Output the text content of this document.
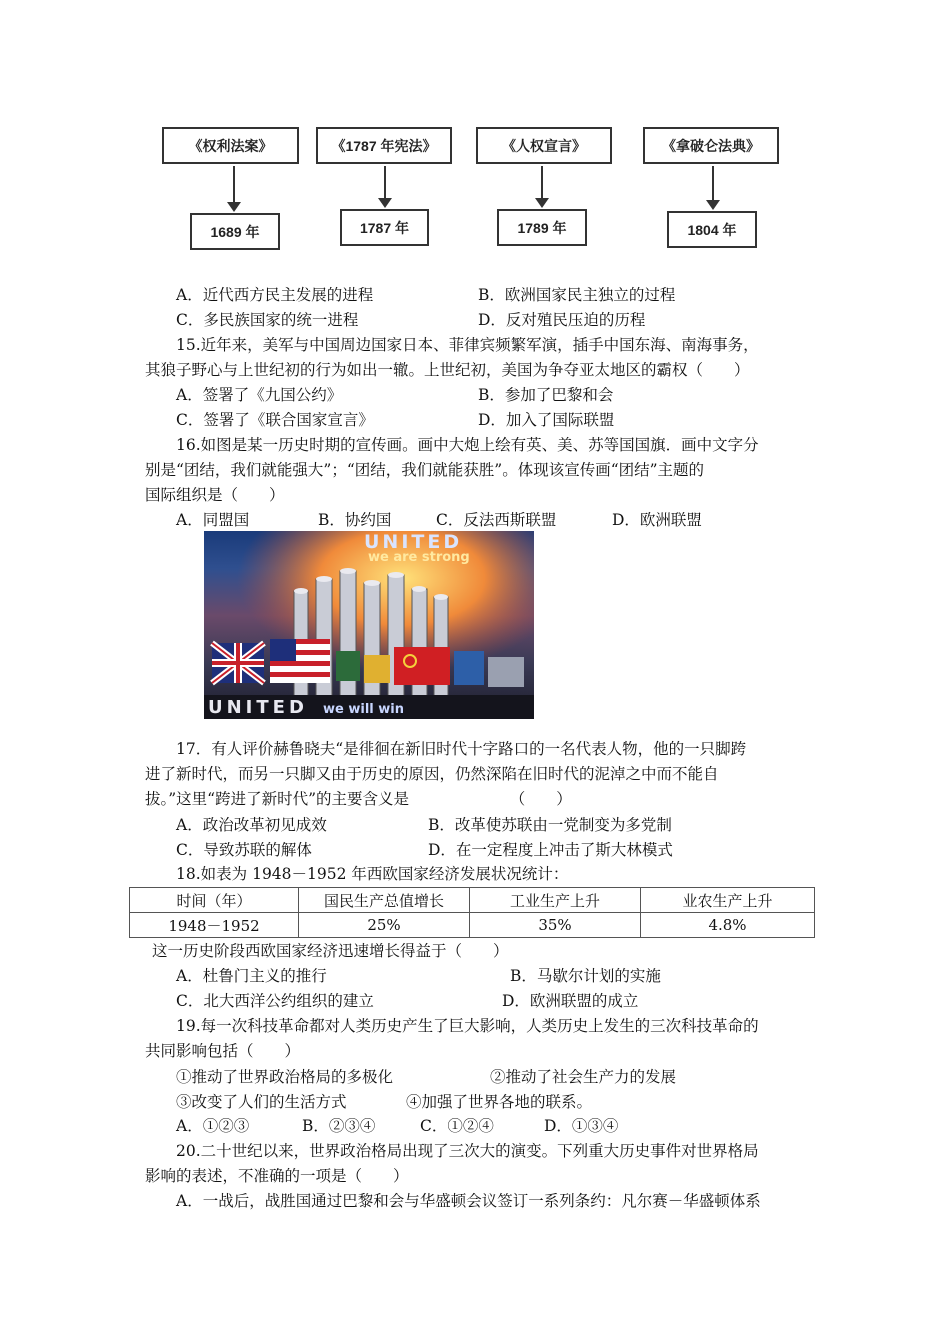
《权利法案》
1689 年
《1787 年宪法》
1787 年
《人权宣言》
1789 年
《拿破仑法典》
1804 年
A．近代西方民主发展的进程	B．欧洲国家民主独立的过程
C．多民族国家的统一进程	D．反对殖民压迫的历程
15.近年来，美军与中国周边国家日本、菲律宾频繁军演，插手中国东海、南海事务，
其狼子野心与上世纪初的行为如出一辙。上世纪初，美国为争夺亚太地区的霸权（　　）
A．签署了《九国公约》	B．参加了巴黎和会
C．签署了《联合国家宣言》	D．加入了国际联盟
16.如图是某一历史时期的宣传画。画中大炮上绘有英、美、苏等国国旗．画中文字分
别是“团结，我们就能强大”；“团结，我们就能获胜”。体现该宣传画“团结”主题的
国际组织是（　　）
A．同盟国	B．协约国	C．反法西斯联盟	D．欧洲联盟
UNITED
we are strong
UNITED we will win
17．有人评价赫鲁晓夫“是徘徊在新旧时代十字路口的一名代表人物，他的一只脚跨
进了新时代，而另一只脚又由于历史的原因，仍然深陷在旧时代的泥淖之中而不能自
拔。”这里“跨进了新时代”的主要含义是　　　　　　　（　　）
A．政治改革初见成效	B．改革使苏联由一党制变为多党制
C．导致苏联的解体	D．在一定程度上冲击了斯大林模式
18.如表为 1948－1952 年西欧国家经济发展状况统计：
时间（年）	国民生产总值增长	工业生产上升	业农生产上升
1948－1952	25%	35%	4.8%
这一历史阶段西欧国家经济迅速增长得益于（　　）
A．杜鲁门主义的推行	B．马歇尔计划的实施
C．北大西洋公约组织的建立	D．欧洲联盟的成立
19.每一次科技革命都对人类历史产生了巨大影响，人类历史上发生的三次科技革命的
共同影响包括（　　）
①推动了世界政治格局的多极化	②推动了社会生产力的发展
③改变了人们的生活方式	④加强了世界各地的联系。
A．①②③	B．②③④	C．①②④	D．①③④
20.二十世纪以来，世界政治格局出现了三次大的演变。下列重大历史事件对世界格局
影响的表述，不准确的一项是（　　）
A．一战后，战胜国通过巴黎和会与华盛顿会议签订一系列条约：凡尔赛－华盛顿体系
